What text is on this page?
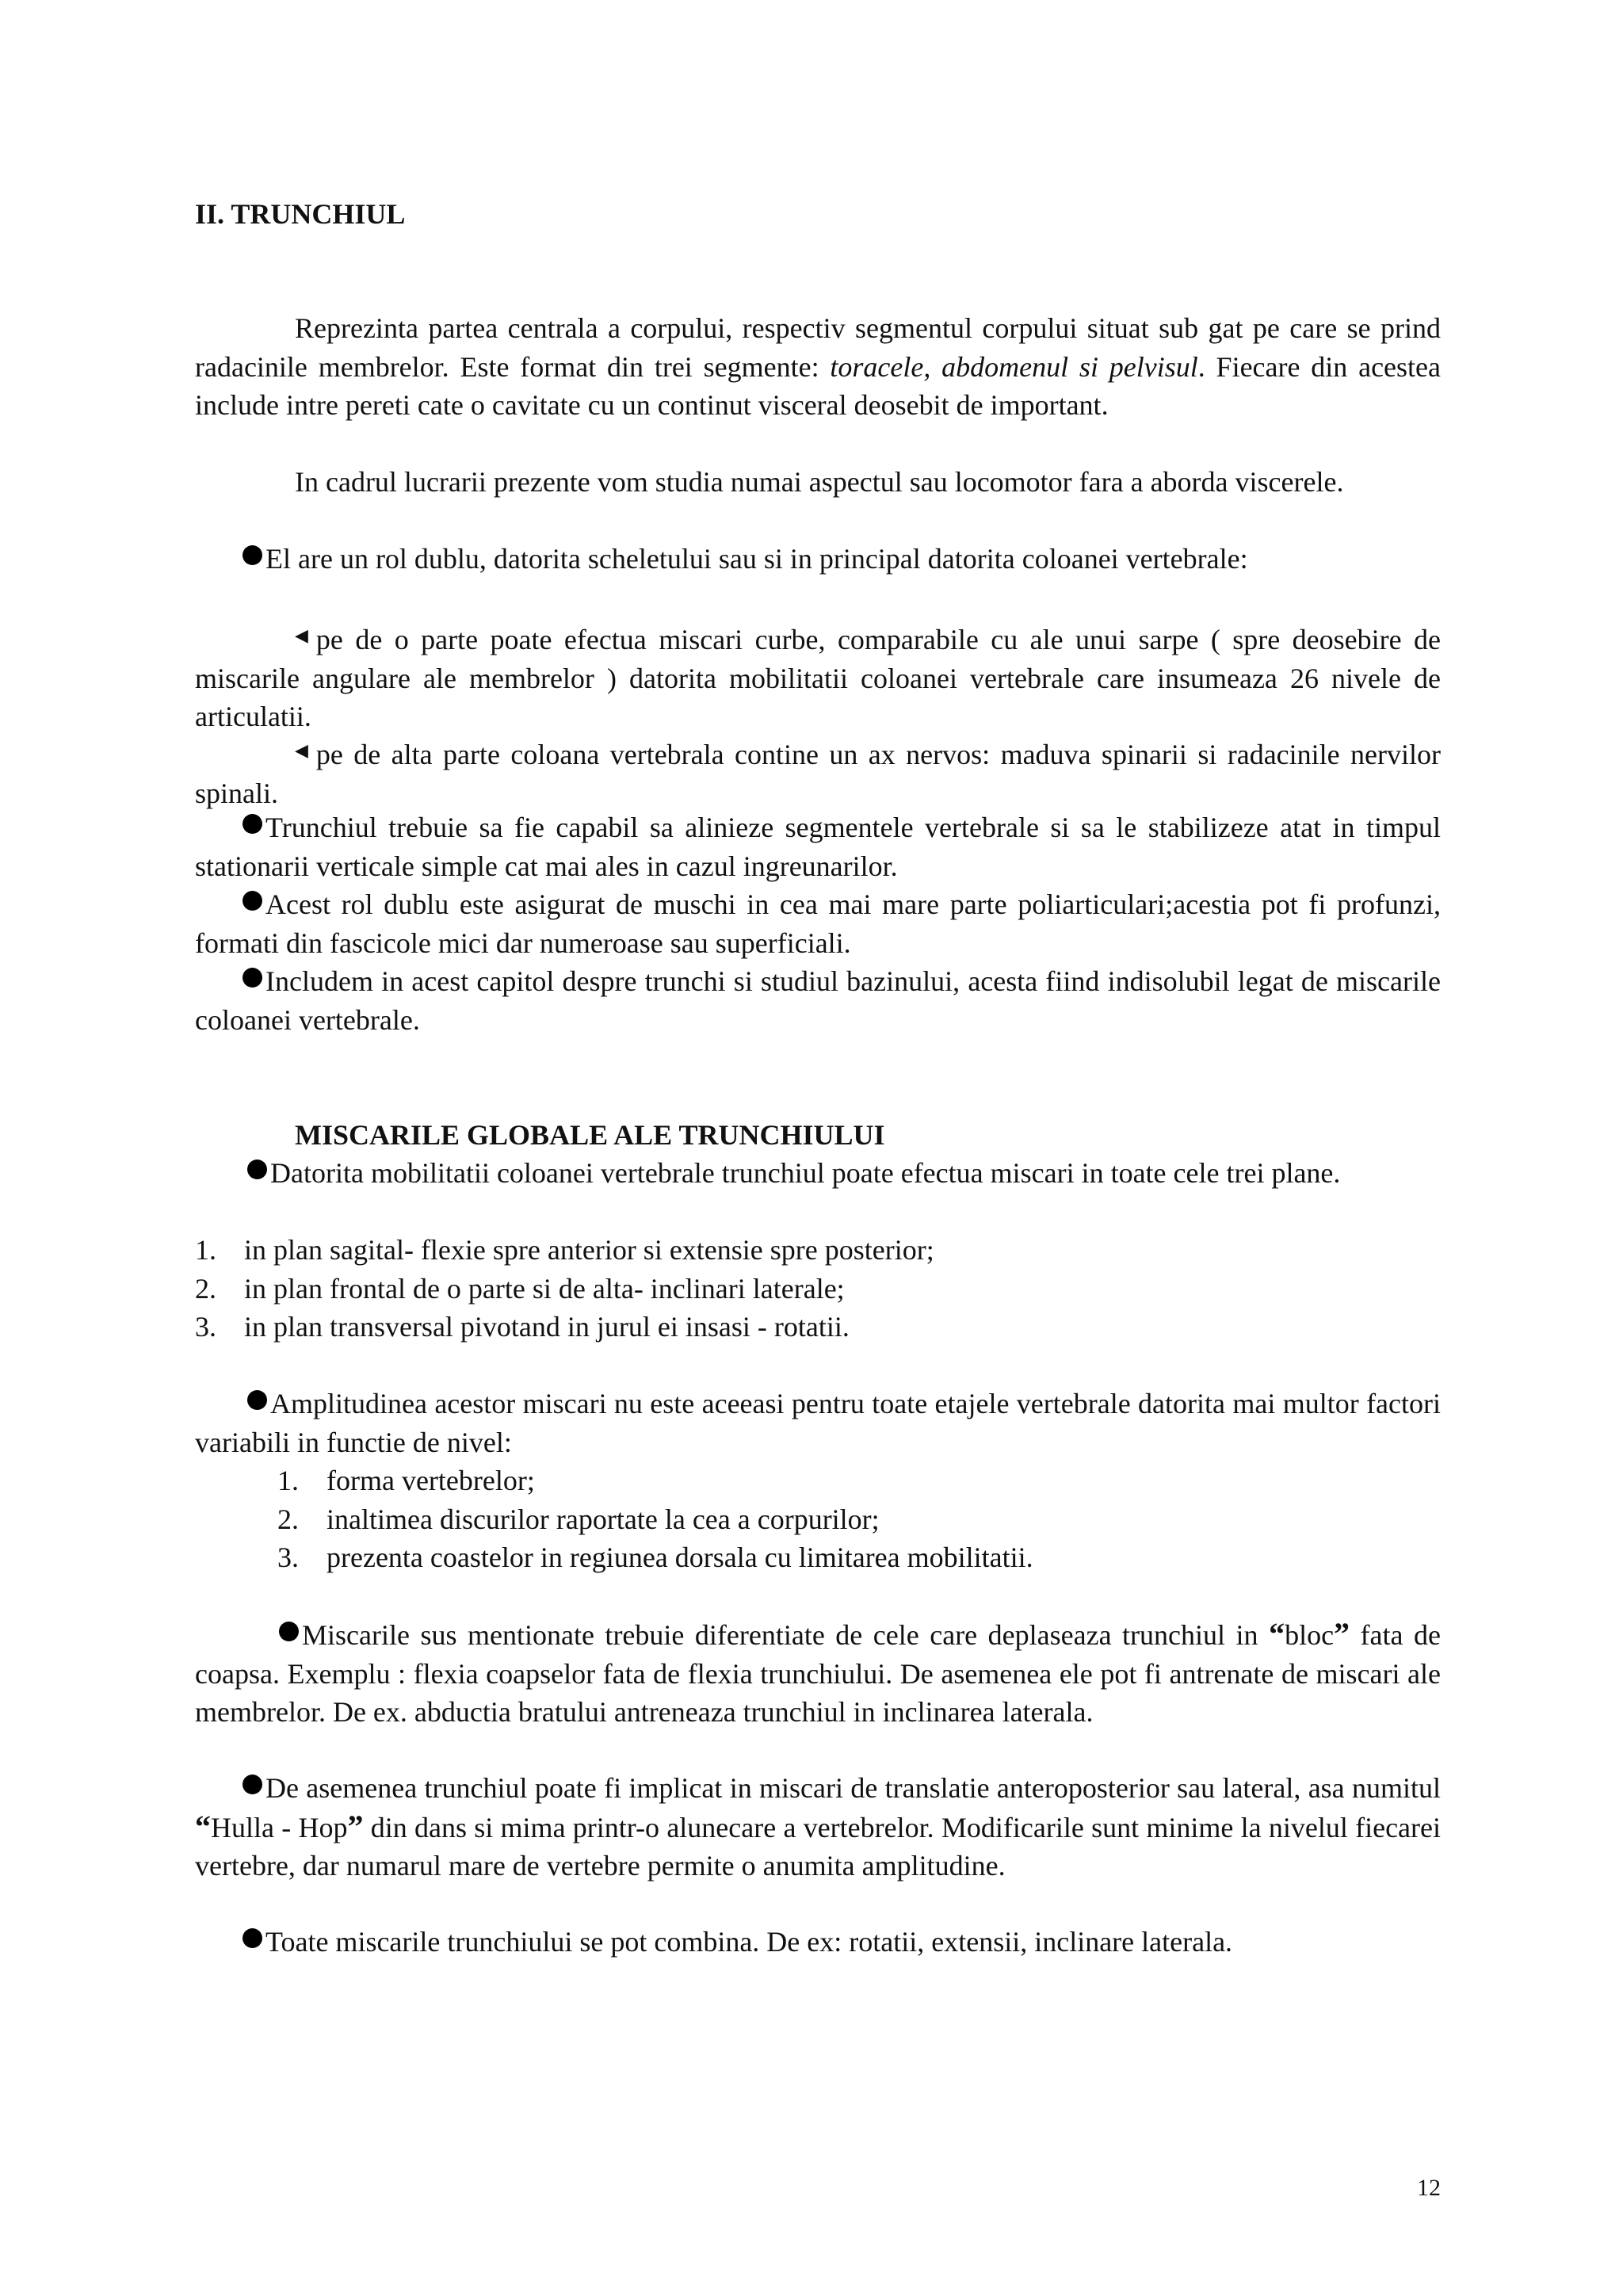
II. TRUNCHIUL

Reprezinta partea centrala a corpului, respectiv segmentul corpului situat sub gat pe care se prind radacinile membrelor. Este format din trei segmente: toracele, abdomenul si pelvisul. Fiecare din acestea include intre pereti cate o cavitate cu un continut visceral deosebit de important.

In cadrul lucrarii prezente vom studia numai aspectul sau locomotor fara a aborda viscerele.

El are un rol dublu, datorita scheletului sau si in principal datorita coloanei vertebrale:

◀ pe de o parte poate efectua miscari curbe, comparabile cu ale unui sarpe ( spre deosebire de miscarile angulare ale membrelor ) datorita mobilitatii coloanei vertebrale care insumeaza 26 nivele de articulatii.

◀ pe de alta parte coloana vertebrala contine un ax nervos: maduva spinarii si radacinile nervilor spinali.

Trunchiul trebuie sa fie capabil sa alinieze segmentele vertebrale si sa le stabilizeze atat in timpul stationarii verticale simple cat mai ales in cazul ingreunarilor.

Acest rol dublu este asigurat de muschi in cea mai mare parte poliarticulari;acestia pot fi profunzi, formati din fascicole mici dar numeroase sau superficiali.

Includem in acest capitol despre trunchi si studiul bazinului, acesta fiind indisolubil legat de miscarile coloanei vertebrale.

MISCARILE GLOBALE ALE TRUNCHIULUI

Datorita mobilitatii coloanei vertebrale trunchiul poate efectua miscari in toate cele trei plane.

1. in plan sagital- flexie spre anterior si extensie spre posterior;
2. in plan frontal de o parte si de alta- inclinari laterale;
3. in plan transversal pivotand in jurul ei insasi - rotatii.

Amplitudinea acestor miscari nu este aceeasi pentru toate etajele vertebrale datorita mai multor factori variabili in functie de nivel:

1. forma vertebrelor;
2. inaltimea discurilor raportate la cea a corpurilor;
3. prezenta coastelor in regiunea dorsala cu limitarea mobilitatii.

Miscarile sus mentionate trebuie diferentiate de cele care deplaseaza trunchiul in “bloc” fata de coapsa. Exemplu : flexia coapselor fata de flexia trunchiului. De asemenea ele pot fi antrenate de miscari ale membrelor. De ex. abductia bratului antreneaza trunchiul in inclinarea laterala.

De asemenea trunchiul poate fi implicat in miscari de translatie anteroposterior sau lateral, asa numitul “Hulla - Hop” din dans si mima printr-o alunecare a vertebrelor. Modificarile sunt minime la nivelul fiecarei vertebre, dar numarul mare de vertebre permite o anumita amplitudine.

Toate miscarile trunchiului se pot combina. De ex: rotatii, extensii, inclinare laterala.

12
